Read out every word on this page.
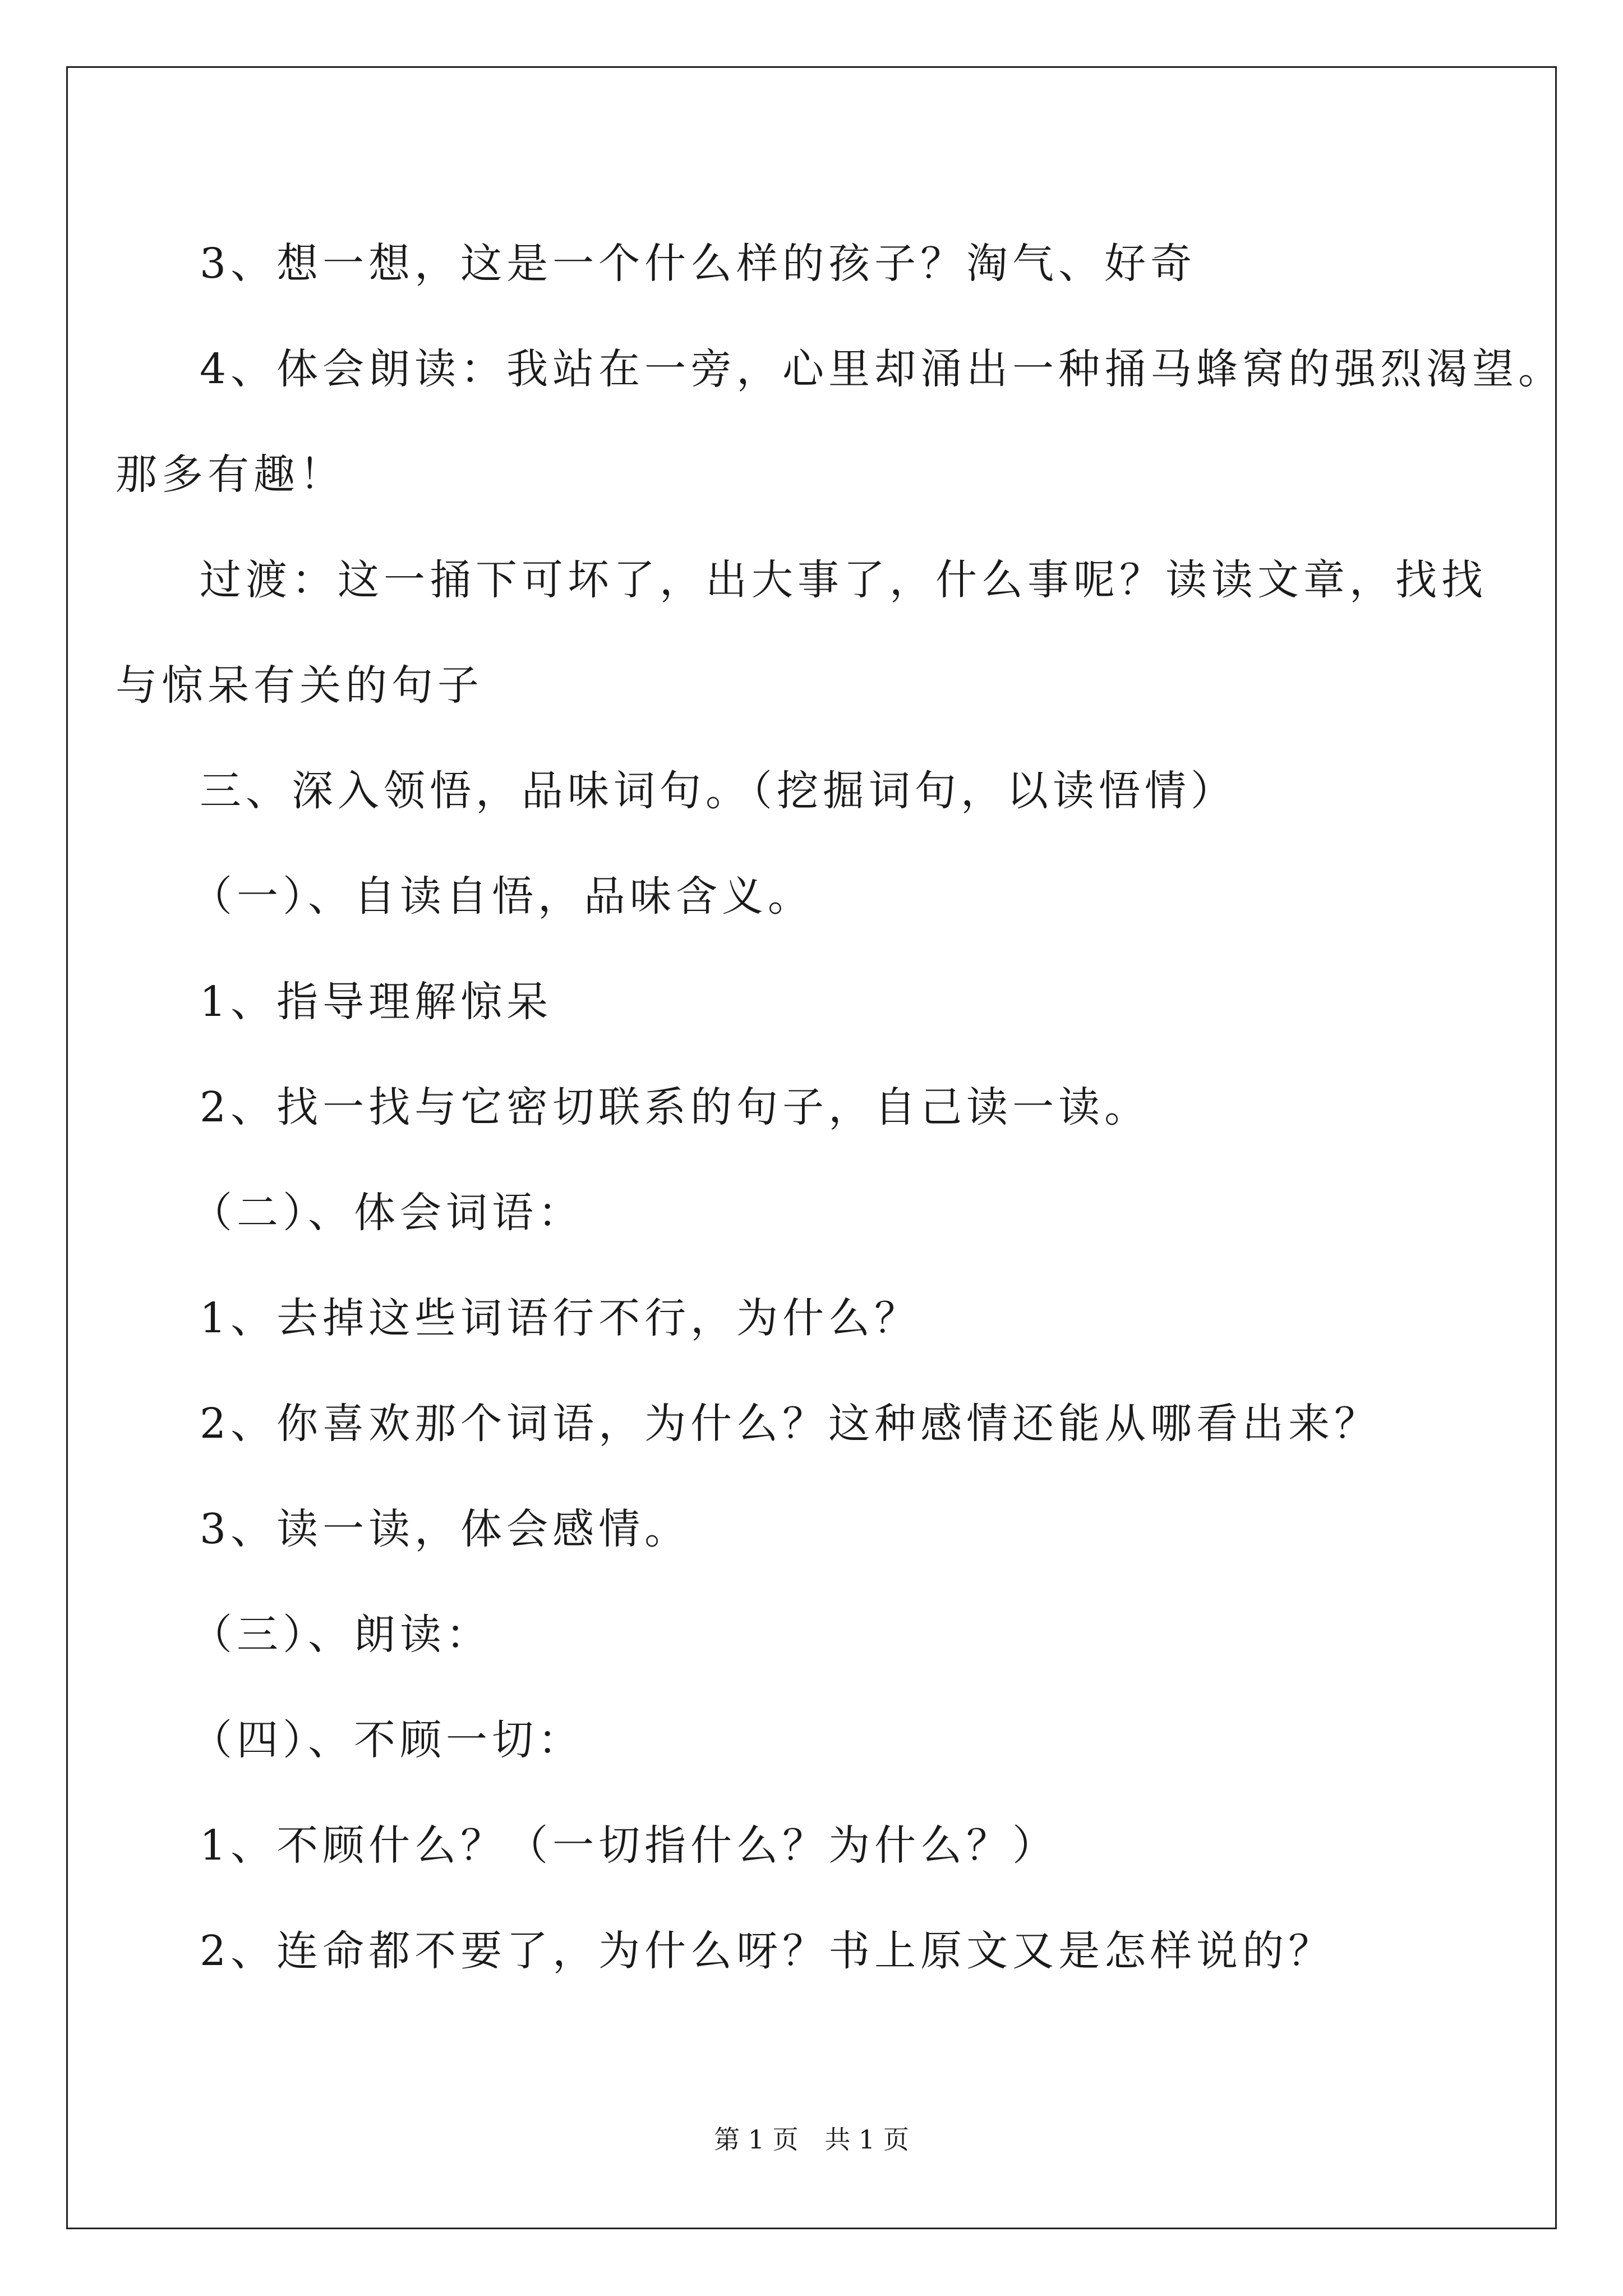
3、想一想，这是一个什么样的孩子？淘气、好奇

4、体会朗读：我站在一旁，心里却涌出一种捅马蜂窝的强烈渴望。

那多有趣！

过渡：这一捅下可坏了，出大事了，什么事呢？读读文章，找找

与惊呆有关的句子

三、深入领悟，品味词句。（挖掘词句，以读悟情）

（一）、自读自悟，品味含义。

1、指导理解惊呆

2、找一找与它密切联系的句子，自己读一读。

（二）、体会词语：

1、去掉这些词语行不行，为什么？

2、你喜欢那个词语，为什么？这种感情还能从哪看出来？

3、读一读，体会感情。

（三）、朗读：

（四）、不顾一切：

1、不顾什么？（一切指什么？为什么？）

2、连命都不要了，为什么呀？书上原文又是怎样说的？

第 1 页 共 1 页
